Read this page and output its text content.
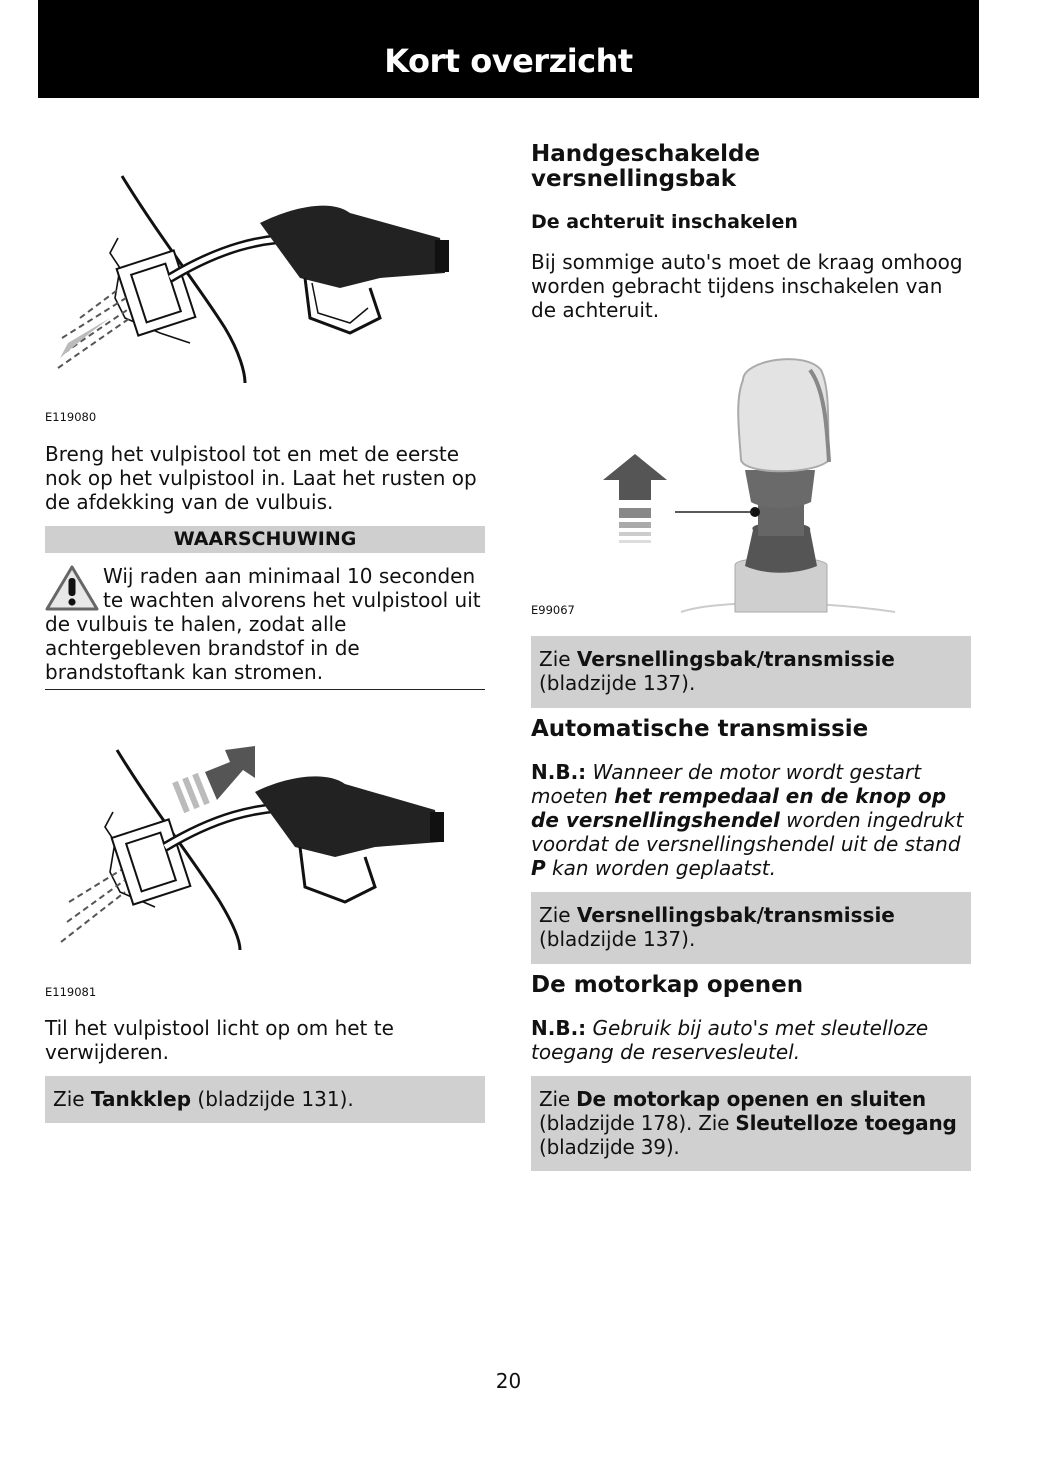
Kort overzicht
E119080

Breng het vulpistool tot en met de eerste nok op het vulpistool in. Laat het rusten op de afdekking van de vulbuis.

WAARSCHUWING
Wij raden aan minimaal 10 seconden te wachten alvorens het vulpistool uit de vulbuis te halen, zodat alle achtergebleven brandstof in de brandstoftank kan stromen.
E119081

Til het vulpistool licht op om het te verwijderen.

Zie Tankklep (bladzijde 131).
Handgeschakelde versnellingsbak
De achteruit inschakelen

Bij sommige auto's moet de kraag omhoog worden gebracht tijdens inschakelen van de achteruit.

E99067
Zie Versnellingsbak/transmissie (bladzijde 137).
Automatische transmissie

N.B.: Wanneer de motor wordt gestart moeten het rempedaal en de knop op de versnellingshendel worden ingedrukt voordat de versnellingshendel uit de stand P kan worden geplaatst.

Zie Versnellingsbak/transmissie (bladzijde 137).
De motorkap openen

N.B.: Gebruik bij auto's met sleutelloze toegang de reservesleutel.

Zie De motorkap openen en sluiten (bladzijde 178). Zie Sleutelloze toegang (bladzijde 39).
20
